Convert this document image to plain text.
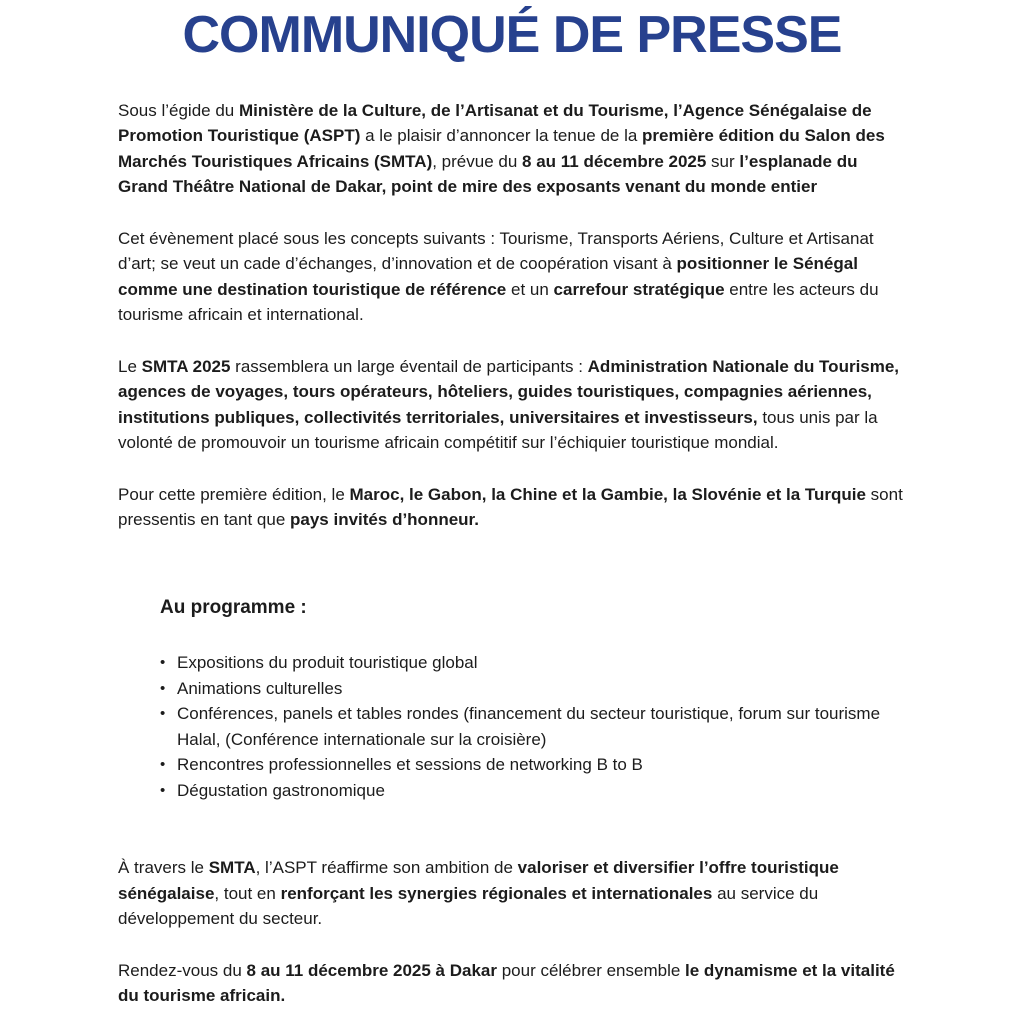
COMMUNIQUÉ DE PRESSE

Sous l’égide du Ministère de la Culture, de l’Artisanat et du Tourisme, l’Agence Sénégalaise de Promotion Touristique (ASPT) a le plaisir d’annoncer la tenue de la première édition du Salon des Marchés Touristiques Africains (SMTA), prévue du 8 au 11 décembre 2025 sur l’esplanade du Grand Théâtre National de Dakar, point de mire des exposants venant du monde entier

Cet évènement placé sous les concepts suivants : Tourisme, Transports Aériens, Culture et Artisanat d’art; se veut un cade d’échanges, d’innovation et de coopération visant à positionner le Sénégal comme une destination touristique de référence et un carrefour stratégique entre les acteurs du tourisme africain et international.

Le SMTA 2025 rassemblera un large éventail de participants : Administration Nationale du Tourisme, agences de voyages, tours opérateurs, hôteliers, guides touristiques, compagnies aériennes, institutions publiques, collectivités territoriales, universitaires et investisseurs, tous unis par la volonté de promouvoir un tourisme africain compétitif sur l’échiquier touristique mondial.

Pour cette première édition, le Maroc, le Gabon, la Chine et la Gambie, la Slovénie et la Turquie sont pressentis en tant que pays invités d’honneur.

Au programme :
• Expositions du produit touristique global
• Animations culturelles
• Conférences, panels et tables rondes (financement du secteur touristique, forum sur tourisme Halal, (Conférence internationale sur la croisière)
• Rencontres professionnelles et sessions de networking B to B
• Dégustation gastronomique

À travers le SMTA, l’ASPT réaffirme son ambition de valoriser et diversifier l’offre touristique sénégalaise, tout en renforçant les synergies régionales et internationales au service du développement du secteur.

Rendez-vous du 8 au 11 décembre 2025 à Dakar pour célébrer ensemble le dynamisme et la vitalité du tourisme africain.
